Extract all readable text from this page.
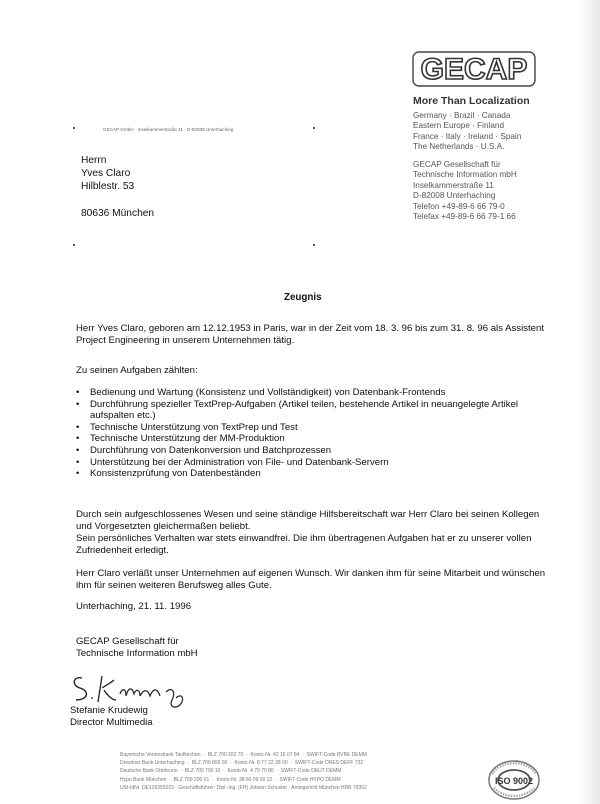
GECAP
More Than Localization
Germany · Brazil · Canada
Eastern Europe · Finland
France · Italy · Ireland · Spain
The Netherlands · U.S.A.
GECAP Gesellschaft für
Technische Information mbH
Inselkammerstraße 11
D-82008 Unterhaching
Telefon +49-89-6 66 79-0
Telefax +49-89-6 66 79-1 66
GECAP GmbH · Inselkammerstraße 11 · D-82008 Unterhaching
Herrn
Yves Claro
Hilblestr. 53
80636 München
Zeugnis
Herr Yves Claro, geboren am 12.12.1953 in Paris, war in der Zeit vom 18. 3. 96 bis zum 31. 8. 96 als Assistent Project Engineering in unserem Unternehmen tätig.
Zu seinen Aufgaben zählten:
• Bedienung und Wartung (Konsistenz und Vollständigkeit) von Datenbank-Frontends
• Durchführung spezieller TextPrep-Aufgaben (Artikel teilen, bestehende Artikel in neuangelegte Artikel aufspalten etc.)
• Technische Unterstützung von TextPrep und Test
• Technische Unterstützung der MM-Produktion
• Durchführung von Datenkonversion und Batchprozessen
• Unterstützung bei der Administration von File- und Datenbank-Servern
• Konsistenzprüfung von Datenbeständen
Durch sein aufgeschlossenes Wesen und seine ständige Hilfsbereitschaft war Herr Claro bei seinen Kollegen und Vorgesetzten gleichermaßen beliebt.
Sein persönliches Verhalten war stets einwandfrei. Die ihm übertragenen Aufgaben hat er zu unserer vollen Zufriedenheit erledigt.
Herr Claro verläßt unser Unternehmen auf eigenen Wunsch. Wir danken ihm für seine Mitarbeit und wünschen ihm für seinen weiteren Berufsweg alles Gute.
Unterhaching, 21. 11. 1996
GECAP Gesellschaft für
Technische Information mbH
Stefanie Krudewig
Director Multimedia
Bayerische Vereinsbank Taufkirchen  ·  BLZ 700 202 70  ·  Konto-Nr. 42 16 07 84  ·  SWIFT-Code BVBE DEMM
Dresdner Bank Unterhaching  ·  BLZ 700 800 00  ·  Konto-Nr. 8 77 22 28 00  ·  SWIFT-Code DRES DEFF 732
Deutsche Bank Ottobrunn  ·  BLZ 700 700 10  ·  Konto-Nr. 4 79 70 80  ·  SWIFT-Code DEUT DEMM
Hypo Bank München  ·  BLZ 700 200 01  ·  Konto-Nr. 38 60 09 00 22  ·  SWIFT-Code HYPO DEMM
USt-IdNr. DE129355023 · Geschäftsführer: Dipl.-Ing. (FH) Johann Schuster · Amtsgericht München HRB 79352
ISO 9002
